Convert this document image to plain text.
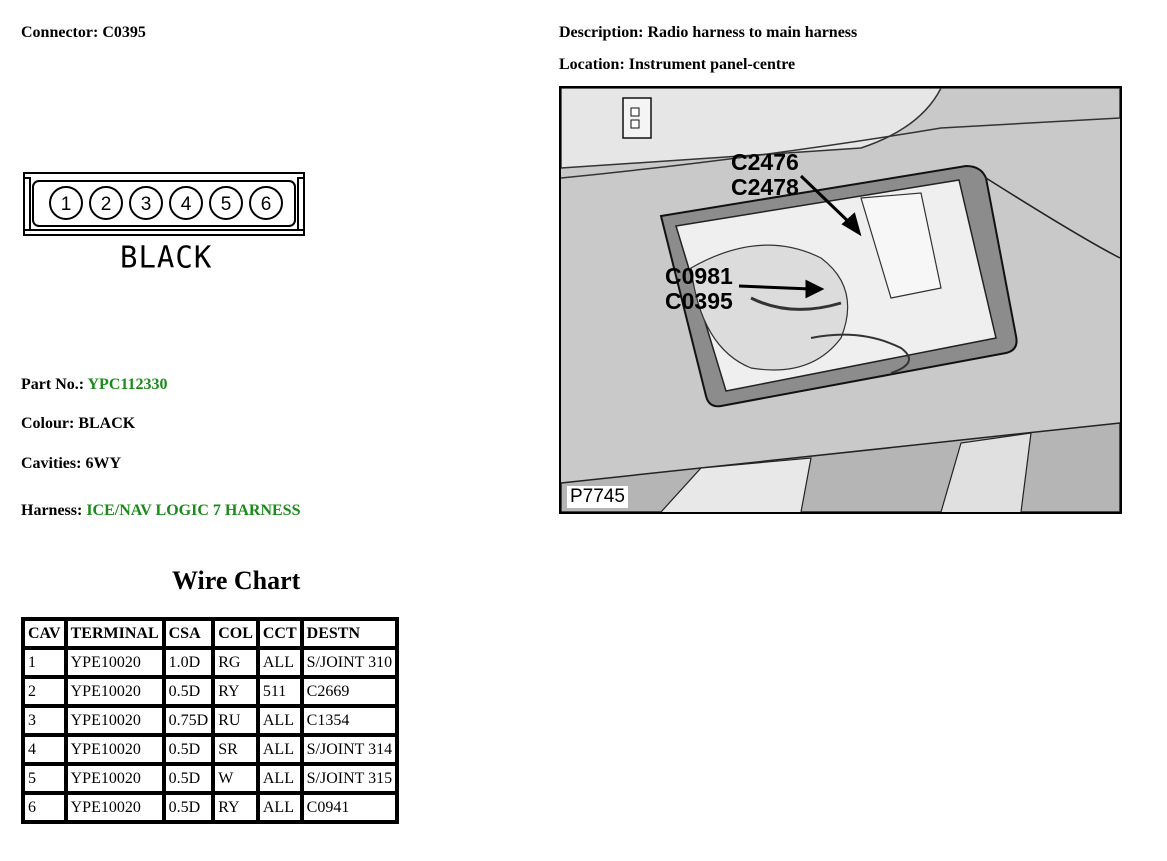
Connector: C0395	Description: Radio harness to main harness
Location: Instrument panel-centre
1 2 3 4 5 6
BLACK
Part No.: YPC112330
Colour: BLACK
Cavities: 6WY
Harness: ICE/NAV LOGIC 7 HARNESS
Wire Chart
CAV	TERMINAL	CSA	COL	CCT	DESTN
1	YPE10020	1.0D	RG	ALL	S/JOINT 310
2	YPE10020	0.5D	RY	511	C2669
3	YPE10020	0.75D	RU	ALL	C1354
4	YPE10020	0.5D	SR	ALL	S/JOINT 314
5	YPE10020	0.5D	W	ALL	S/JOINT 315
6	YPE10020	0.5D	RY	ALL	C0941
C2476
C2478
C0981
C0395
P7745
